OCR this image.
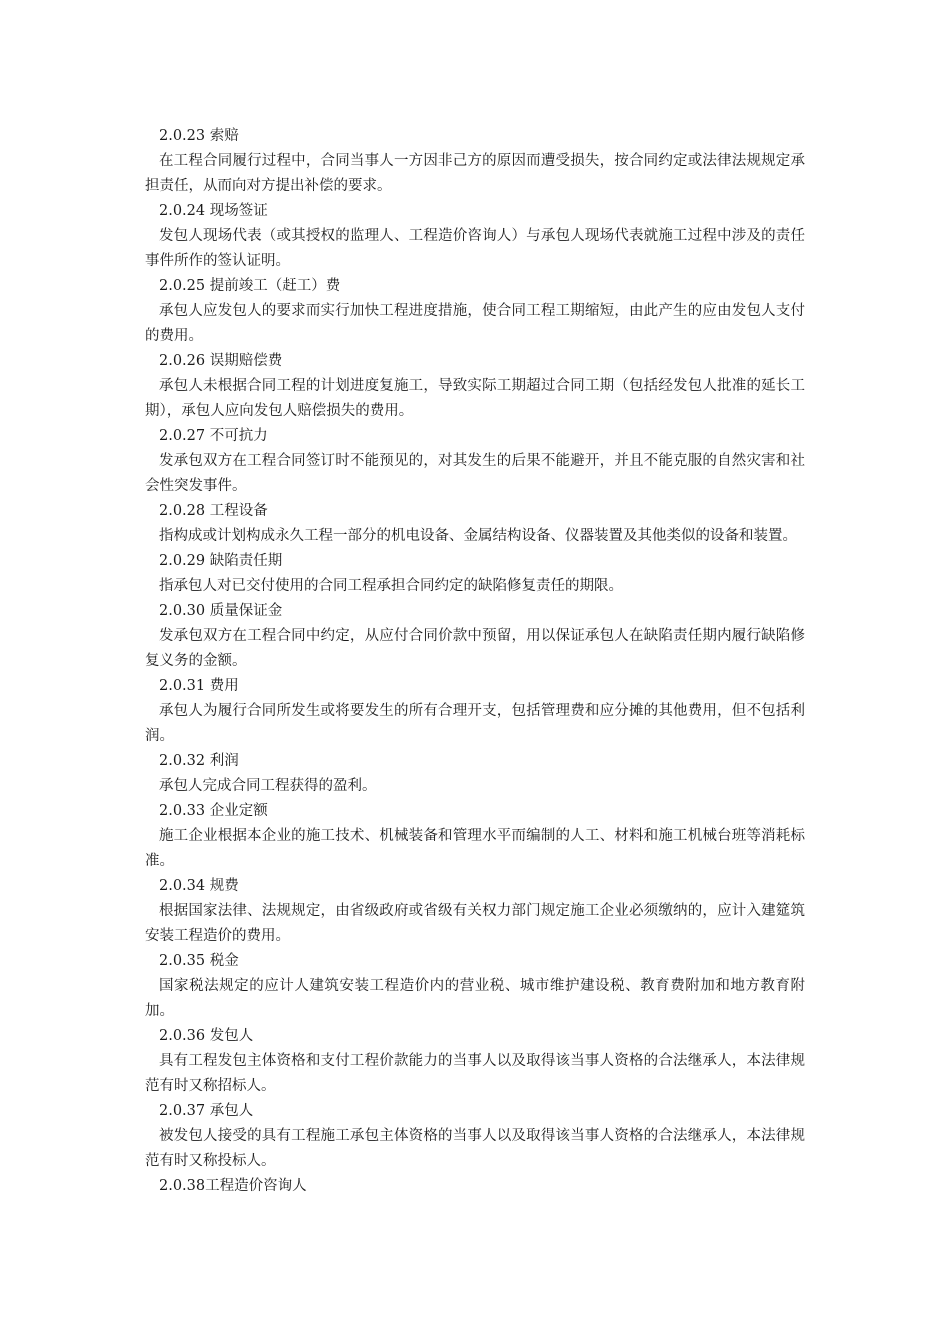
2.0.23 索赔

在工程合同履行过程中，合同当事人一方因非己方的原因而遭受损失，按合同约定或法律法规规定承担责任，从而向对方提出补偿的要求。

2.0.24 现场签证

发包人现场代表（或其授权的监理人、工程造价咨询人）与承包人现场代表就施工过程中涉及的责任事件所作的签认证明。

2.0.25 提前竣工（赶工）费

承包人应发包人的要求而实行加快工程进度措施，使合同工程工期缩短，由此产生的应由发包人支付的费用。

2.0.26 误期赔偿费

承包人未根据合同工程的计划进度复施工，导致实际工期超过合同工期（包括经发包人批准的延长工期），承包人应向发包人赔偿损失的费用。

2.0.27 不可抗力

发承包双方在工程合同签订时不能预见的，对其发生的后果不能避开，并且不能克服的自然灾害和社会性突发事件。

2.0.28 工程设备

指构成或计划构成永久工程一部分的机电设备、金属结构设备、仪器装置及其他类似的设备和装置。

2.0.29 缺陷责任期

指承包人对已交付使用的合同工程承担合同约定的缺陷修复责任的期限。

2.0.30 质量保证金

发承包双方在工程合同中约定，从应付合同价款中预留，用以保证承包人在缺陷责任期内履行缺陷修复义务的金额。

2.0.31 费用

承包人为履行合同所发生或将要发生的所有合理开支，包括管理费和应分摊的其他费用，但不包括利润。

2.0.32 利润

承包人完成合同工程获得的盈利。

2.0.33 企业定额

施工企业根据本企业的施工技术、机械装备和管理水平而编制的人工、材料和施工机械台班等消耗标准。

2.0.34 规费

根据国家法律、法规规定，由省级政府或省级有关权力部门规定施工企业必须缴纳的，应计入建筵筑安装工程造价的费用。

2.0.35 税金

国家税法规定的应计人建筑安装工程造价内的营业税、城市维护建设税、教育费附加和地方教育附加。

2.0.36 发包人

具有工程发包主体资格和支付工程价款能力的当事人以及取得该当事人资格的合法继承人，本法律规范有时又称招标人。

2.0.37 承包人

被发包人接受的具有工程施工承包主体资格的当事人以及取得该当事人资格的合法继承人，本法律规范有时又称投标人。

2.0.38工程造价咨询人
